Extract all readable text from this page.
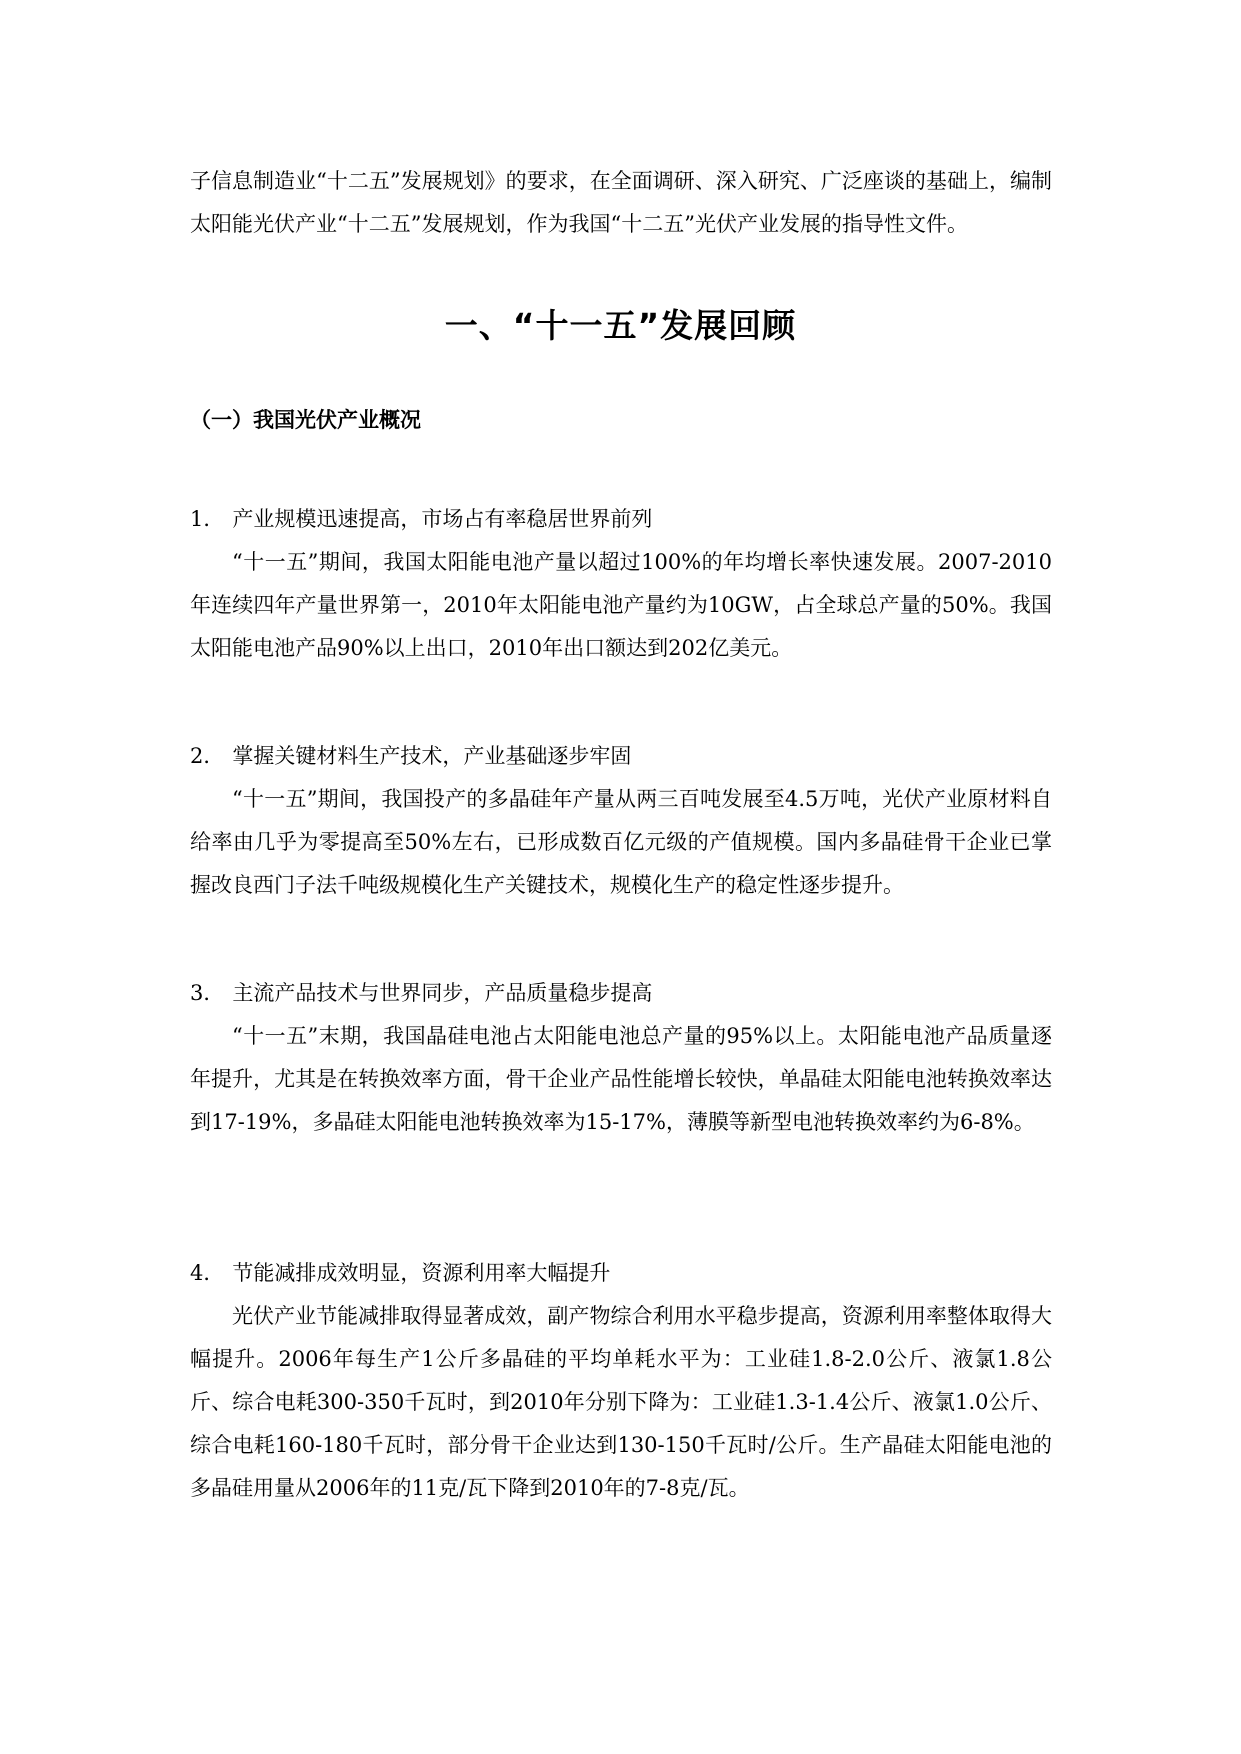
子信息制造业“十二五”发展规划》的要求，在全面调研、深入研究、广泛座谈的基础上，编制太阳能光伏产业“十二五”发展规划，作为我国“十二五”光伏产业发展的指导性文件。
一、“十一五”发展回顾
（一）我国光伏产业概况
1． 产业规模迅速提高，市场占有率稳居世界前列
“十一五”期间，我国太阳能电池产量以超过100%的年均增长率快速发展。2007-2010年连续四年产量世界第一，2010年太阳能电池产量约为10GW，占全球总产量的50%。我国太阳能电池产品90%以上出口，2010年出口额达到202亿美元。
2． 掌握关键材料生产技术，产业基础逐步牢固
“十一五”期间，我国投产的多晶硅年产量从两三百吨发展至4.5万吨，光伏产业原材料自给率由几乎为零提高至50%左右，已形成数百亿元级的产值规模。国内多晶硅骨干企业已掌握改良西门子法千吨级规模化生产关键技术，规模化生产的稳定性逐步提升。
3． 主流产品技术与世界同步，产品质量稳步提高
“十一五”末期，我国晶硅电池占太阳能电池总产量的95%以上。太阳能电池产品质量逐年提升，尤其是在转换效率方面，骨干企业产品性能增长较快，单晶硅太阳能电池转换效率达到17-19%，多晶硅太阳能电池转换效率为15-17%，薄膜等新型电池转换效率约为6-8%。
4． 节能减排成效明显，资源利用率大幅提升
光伏产业节能减排取得显著成效，副产物综合利用水平稳步提高，资源利用率整体取得大幅提升。2006年每生产1公斤多晶硅的平均单耗水平为：工业硅1.8-2.0公斤、液氯1.8公斤、综合电耗300-350千瓦时，到2010年分别下降为：工业硅1.3-1.4公斤、液氯1.0公斤、综合电耗160-180千瓦时，部分骨干企业达到130-150千瓦时/公斤。生产晶硅太阳能电池的多晶硅用量从2006年的11克/瓦下降到2010年的7-8克/瓦。
